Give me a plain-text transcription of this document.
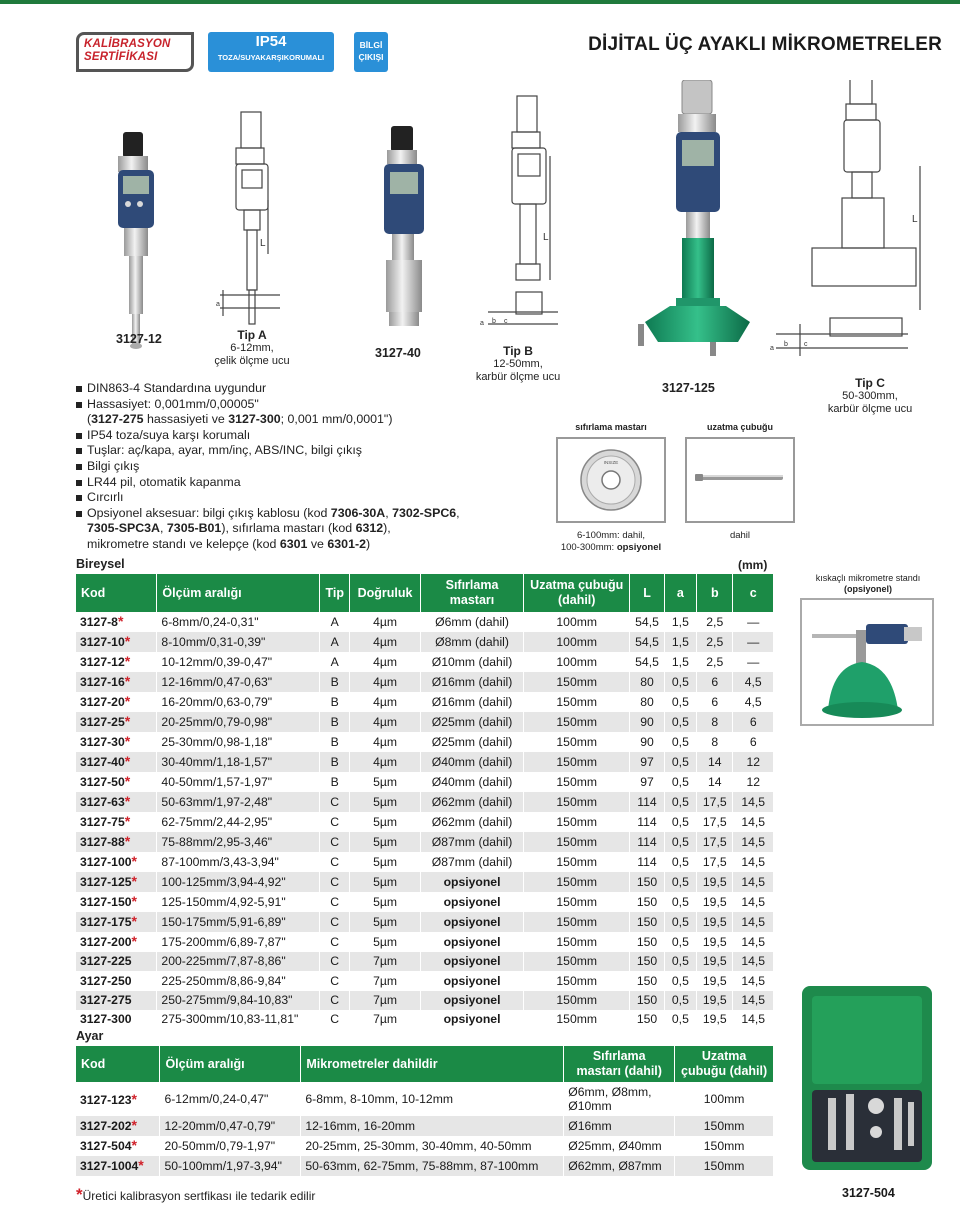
KALİBRASYON
SERTİFİKASI
IP54
TOZA/SUYAKARŞIKORUMALI
BİLGİ
ÇIKIŞI
DİJİTAL ÜÇ AYAKLI MİKROMETRELER
L
a
L
a b c
L
a
b c
3127-12	Tip A
6-12mm,
çelik ölçme ucu
3127-40	Tip B
12-50mm,
karbür ölçme ucu
3127-125	Tip C
50-300mm,
karbür ölçme ucu
DIN863-4 Standardına uygundur
Hassasiyet: 0,001mm/0,00005"
(3127-275 hassasiyeti ve 3127-300; 0,001 mm/0,0001")
IP54 toza/suya karşı korumalı
Tuşlar: aç/kapa, ayar, mm/inç, ABS/INC, bilgi çıkış
Bilgi çıkış
LR44 pil, otomatik kapanma
Cırcırlı
Opsiyonel aksesuar: bilgi çıkış kablosu (kod 7306-30A, 7302-SPC6,
7305-SPC3A, 7305-B01), sıfırlama mastarı (kod 6312),
mikrometre standı ve kelepçe (kod 6301 ve 6301-2)
sıfırlama mastarı
INSIZE
6-100mm: dahil,
100-300mm: opsiyonel
uzatma çubuğu
dahil
Bireysel	(mm)
Kod	Ölçüm aralığı	Tip	Doğruluk	Sıfırlama mastarı	Uzatma çubuğu (dahil)	L	a	b	c
3127-8*	6-8mm/0,24-0,31"	A	4µm	Ø6mm (dahil)	100mm	54,5	1,5	2,5	—
3127-10*	8-10mm/0,31-0,39"	A	4µm	Ø8mm (dahil)	100mm	54,5	1,5	2,5	—
3127-12*	10-12mm/0,39-0,47"	A	4µm	Ø10mm (dahil)	100mm	54,5	1,5	2,5	—
3127-16*	12-16mm/0,47-0,63"	B	4µm	Ø16mm (dahil)	150mm	80	0,5	6	4,5
3127-20*	16-20mm/0,63-0,79"	B	4µm	Ø16mm (dahil)	150mm	80	0,5	6	4,5
3127-25*	20-25mm/0,79-0,98"	B	4µm	Ø25mm (dahil)	150mm	90	0,5	8	6
3127-30*	25-30mm/0,98-1,18"	B	4µm	Ø25mm (dahil)	150mm	90	0,5	8	6
3127-40*	30-40mm/1,18-1,57"	B	4µm	Ø40mm (dahil)	150mm	97	0,5	14	12
3127-50*	40-50mm/1,57-1,97"	B	5µm	Ø40mm (dahil)	150mm	97	0,5	14	12
3127-63*	50-63mm/1,97-2,48"	C	5µm	Ø62mm (dahil)	150mm	114	0,5	17,5	14,5
3127-75*	62-75mm/2,44-2,95"	C	5µm	Ø62mm (dahil)	150mm	114	0,5	17,5	14,5
3127-88*	75-88mm/2,95-3,46"	C	5µm	Ø87mm (dahil)	150mm	114	0,5	17,5	14,5
3127-100*	87-100mm/3,43-3,94"	C	5µm	Ø87mm (dahil)	150mm	114	0,5	17,5	14,5
3127-125*	100-125mm/3,94-4,92"	C	5µm	opsiyonel	150mm	150	0,5	19,5	14,5
3127-150*	125-150mm/4,92-5,91"	C	5µm	opsiyonel	150mm	150	0,5	19,5	14,5
3127-175*	150-175mm/5,91-6,89"	C	5µm	opsiyonel	150mm	150	0,5	19,5	14,5
3127-200*	175-200mm/6,89-7,87"	C	5µm	opsiyonel	150mm	150	0,5	19,5	14,5
3127-225	200-225mm/7,87-8,86"	C	7µm	opsiyonel	150mm	150	0,5	19,5	14,5
3127-250	225-250mm/8,86-9,84"	C	7µm	opsiyonel	150mm	150	0,5	19,5	14,5
3127-275	250-275mm/9,84-10,83"	C	7µm	opsiyonel	150mm	150	0,5	19,5	14,5
3127-300	275-300mm/10,83-11,81"	C	7µm	opsiyonel	150mm	150	0,5	19,5	14,5
Ayar
Kod	Ölçüm aralığı	Mikrometreler dahildir	Sıfırlama mastarı (dahil)	Uzatma çubuğu (dahil)
3127-123*	6-12mm/0,24-0,47"	6-8mm, 8-10mm, 10-12mm	Ø6mm, Ø8mm, Ø10mm	100mm
3127-202*	12-20mm/0,47-0,79"	12-16mm, 16-20mm	Ø16mm	150mm
3127-504*	20-50mm/0,79-1,97"	20-25mm, 25-30mm, 30-40mm, 40-50mm	Ø25mm, Ø40mm	150mm
3127-1004*	50-100mm/1,97-3,94"	50-63mm, 62-75mm, 75-88mm, 87-100mm	Ø62mm, Ø87mm	150mm
*Üretici kalibrasyon sertfikası ile tedarik edilir
kıskaçlı mikrometre standı
(opsiyonel)
3127-504
